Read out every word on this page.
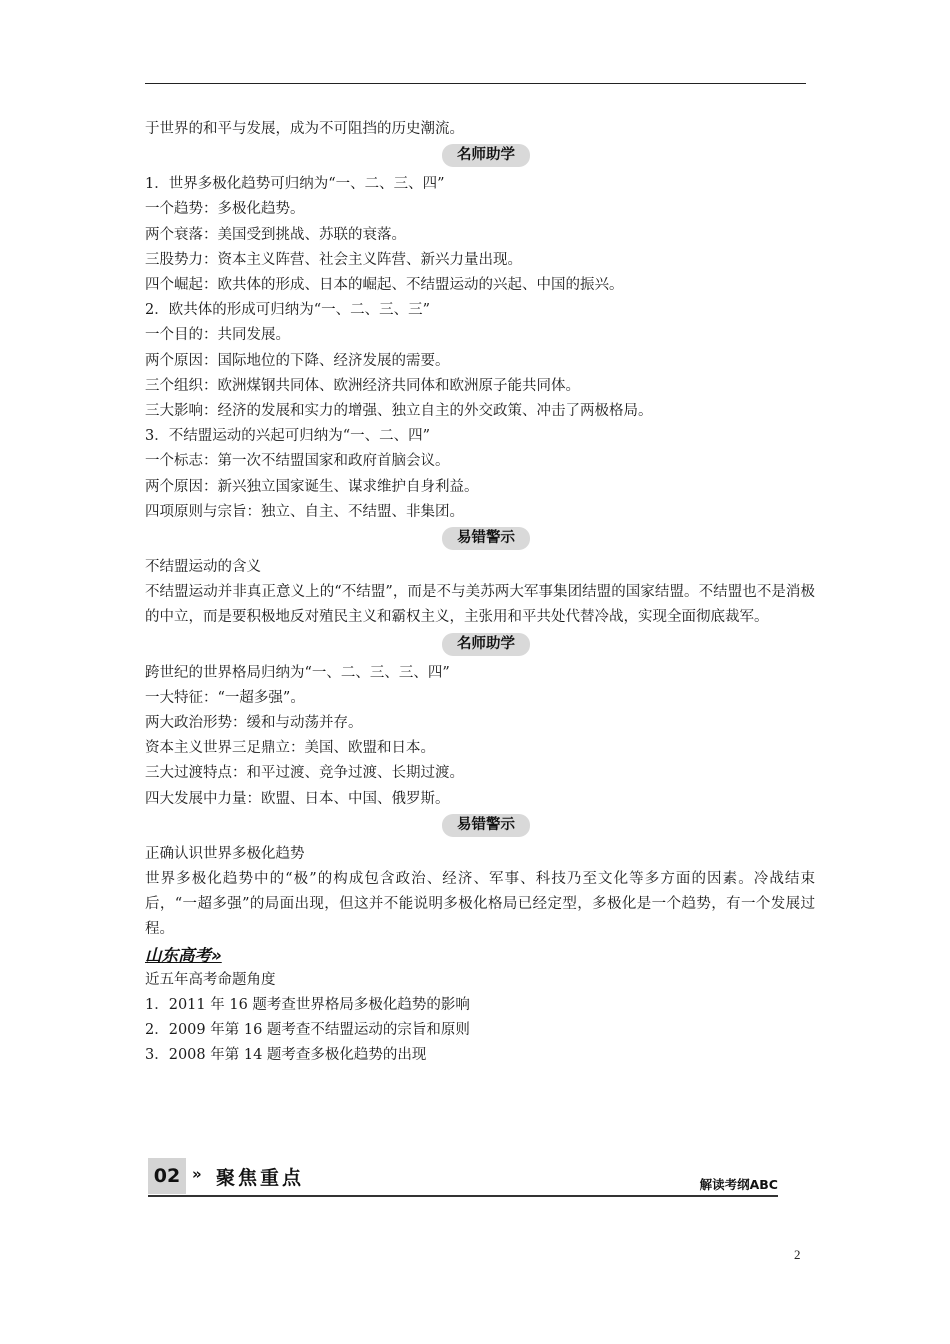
于世界的和平与发展，成为不可阻挡的历史潮流。
名师助学
1．世界多极化趋势可归纳为“一、二、三、四”
一个趋势：多极化趋势。
两个衰落：美国受到挑战、苏联的衰落。
三股势力：资本主义阵营、社会主义阵营、新兴力量出现。
四个崛起：欧共体的形成、日本的崛起、不结盟运动的兴起、中国的振兴。
2．欧共体的形成可归纳为“一、二、三、三”
一个目的：共同发展。
两个原因：国际地位的下降、经济发展的需要。
三个组织：欧洲煤钢共同体、欧洲经济共同体和欧洲原子能共同体。
三大影响：经济的发展和实力的增强、独立自主的外交政策、冲击了两极格局。
3．不结盟运动的兴起可归纳为“一、二、四”
一个标志：第一次不结盟国家和政府首脑会议。
两个原因：新兴独立国家诞生、谋求维护自身利益。
四项原则与宗旨：独立、自主、不结盟、非集团。
易错警示
不结盟运动的含义
不结盟运动并非真正意义上的“不结盟”，而是不与美苏两大军事集团结盟的国家结盟。不结盟也不是消极的中立，而是要积极地反对殖民主义和霸权主义，主张用和平共处代替冷战，实现全面彻底裁军。
名师助学
跨世纪的世界格局归纳为“一、二、三、三、四”
一大特征：“一超多强”。
两大政治形势：缓和与动荡并存。
资本主义世界三足鼎立：美国、欧盟和日本。
三大过渡特点：和平过渡、竞争过渡、长期过渡。
四大发展中力量：欧盟、日本、中国、俄罗斯。
易错警示
正确认识世界多极化趋势
世界多极化趋势中的“极”的构成包含政治、经济、军事、科技乃至文化等多方面的因素。冷战结束后，“一超多强”的局面出现，但这并不能说明多极化格局已经定型，多极化是一个趋势，有一个发展过程。
山东高考»
近五年高考命题角度
1．2011 年 16 题考查世界格局多极化趋势的影响
2．2009 年第 16 题考查不结盟运动的宗旨和原则
3．2008 年第 14 题考查多极化趋势的出现
02 » 聚焦重点	解读考纲ABC
2
